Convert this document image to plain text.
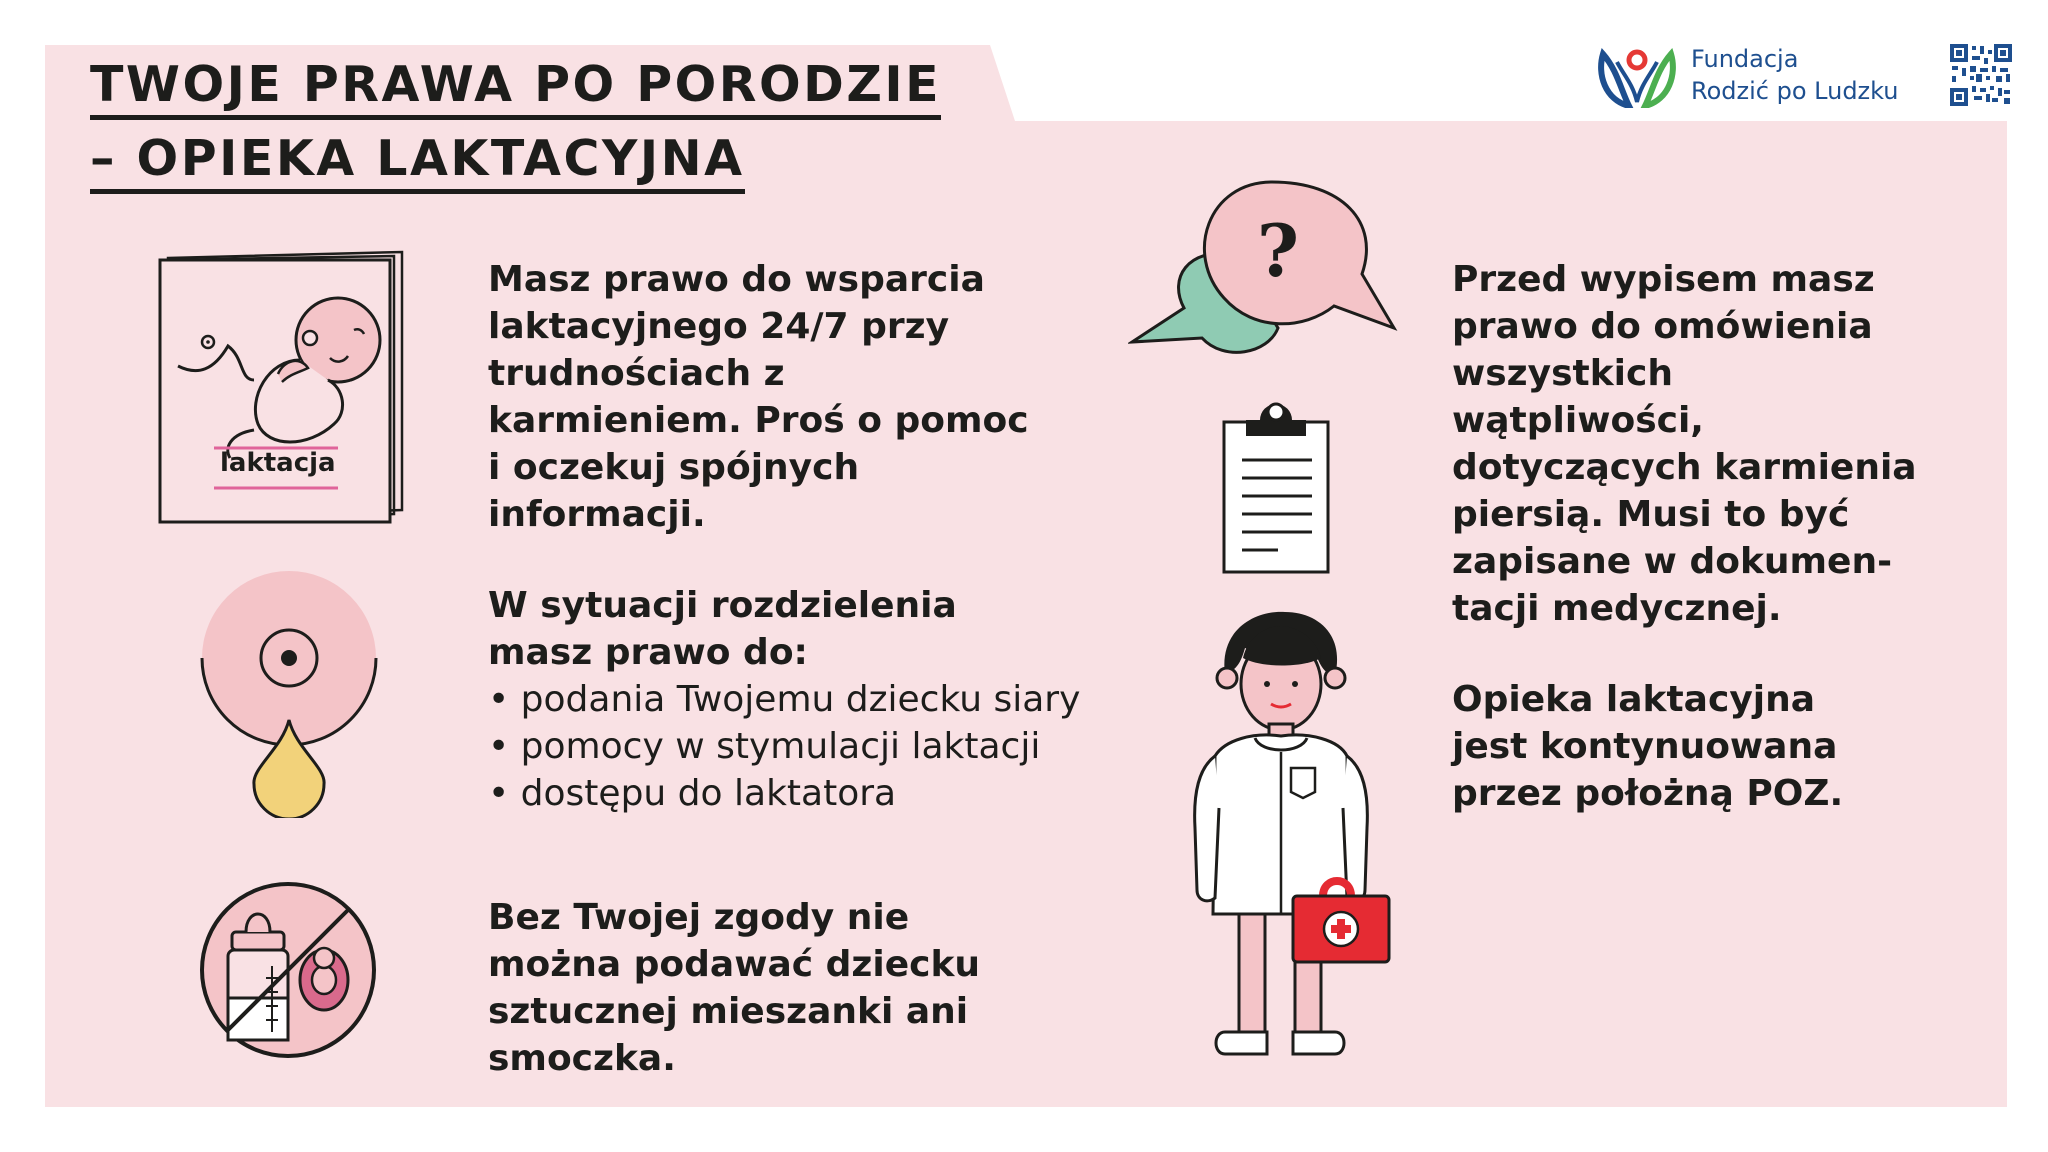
TWOJE PRAWA PO PORODZIE
– OPIEKA LAKTACYJNA
Fundacja
Rodzić po Ludzku
laktacja
?
Masz prawo do wsparcia laktacyjnego 24/7 przy trudnościach z karmieniem. Proś o pomoc i oczekuj spójnych informacji.
W sytuacji rozdzielenia masz prawo do:
• podania Twojemu dziecku siary
• pomocy w stymulacji laktacji
• dostępu do laktatora
Bez Twojej zgody nie można podawać dziecku sztucznej mieszanki ani smoczka.
Przed wypisem masz prawo do omówienia wszystkich wątpliwości, dotyczących karmienia piersią. Musi to być zapisane w dokumen-tacji medycznej.
Opieka laktacyjna jest kontynuowana przez położną POZ.
